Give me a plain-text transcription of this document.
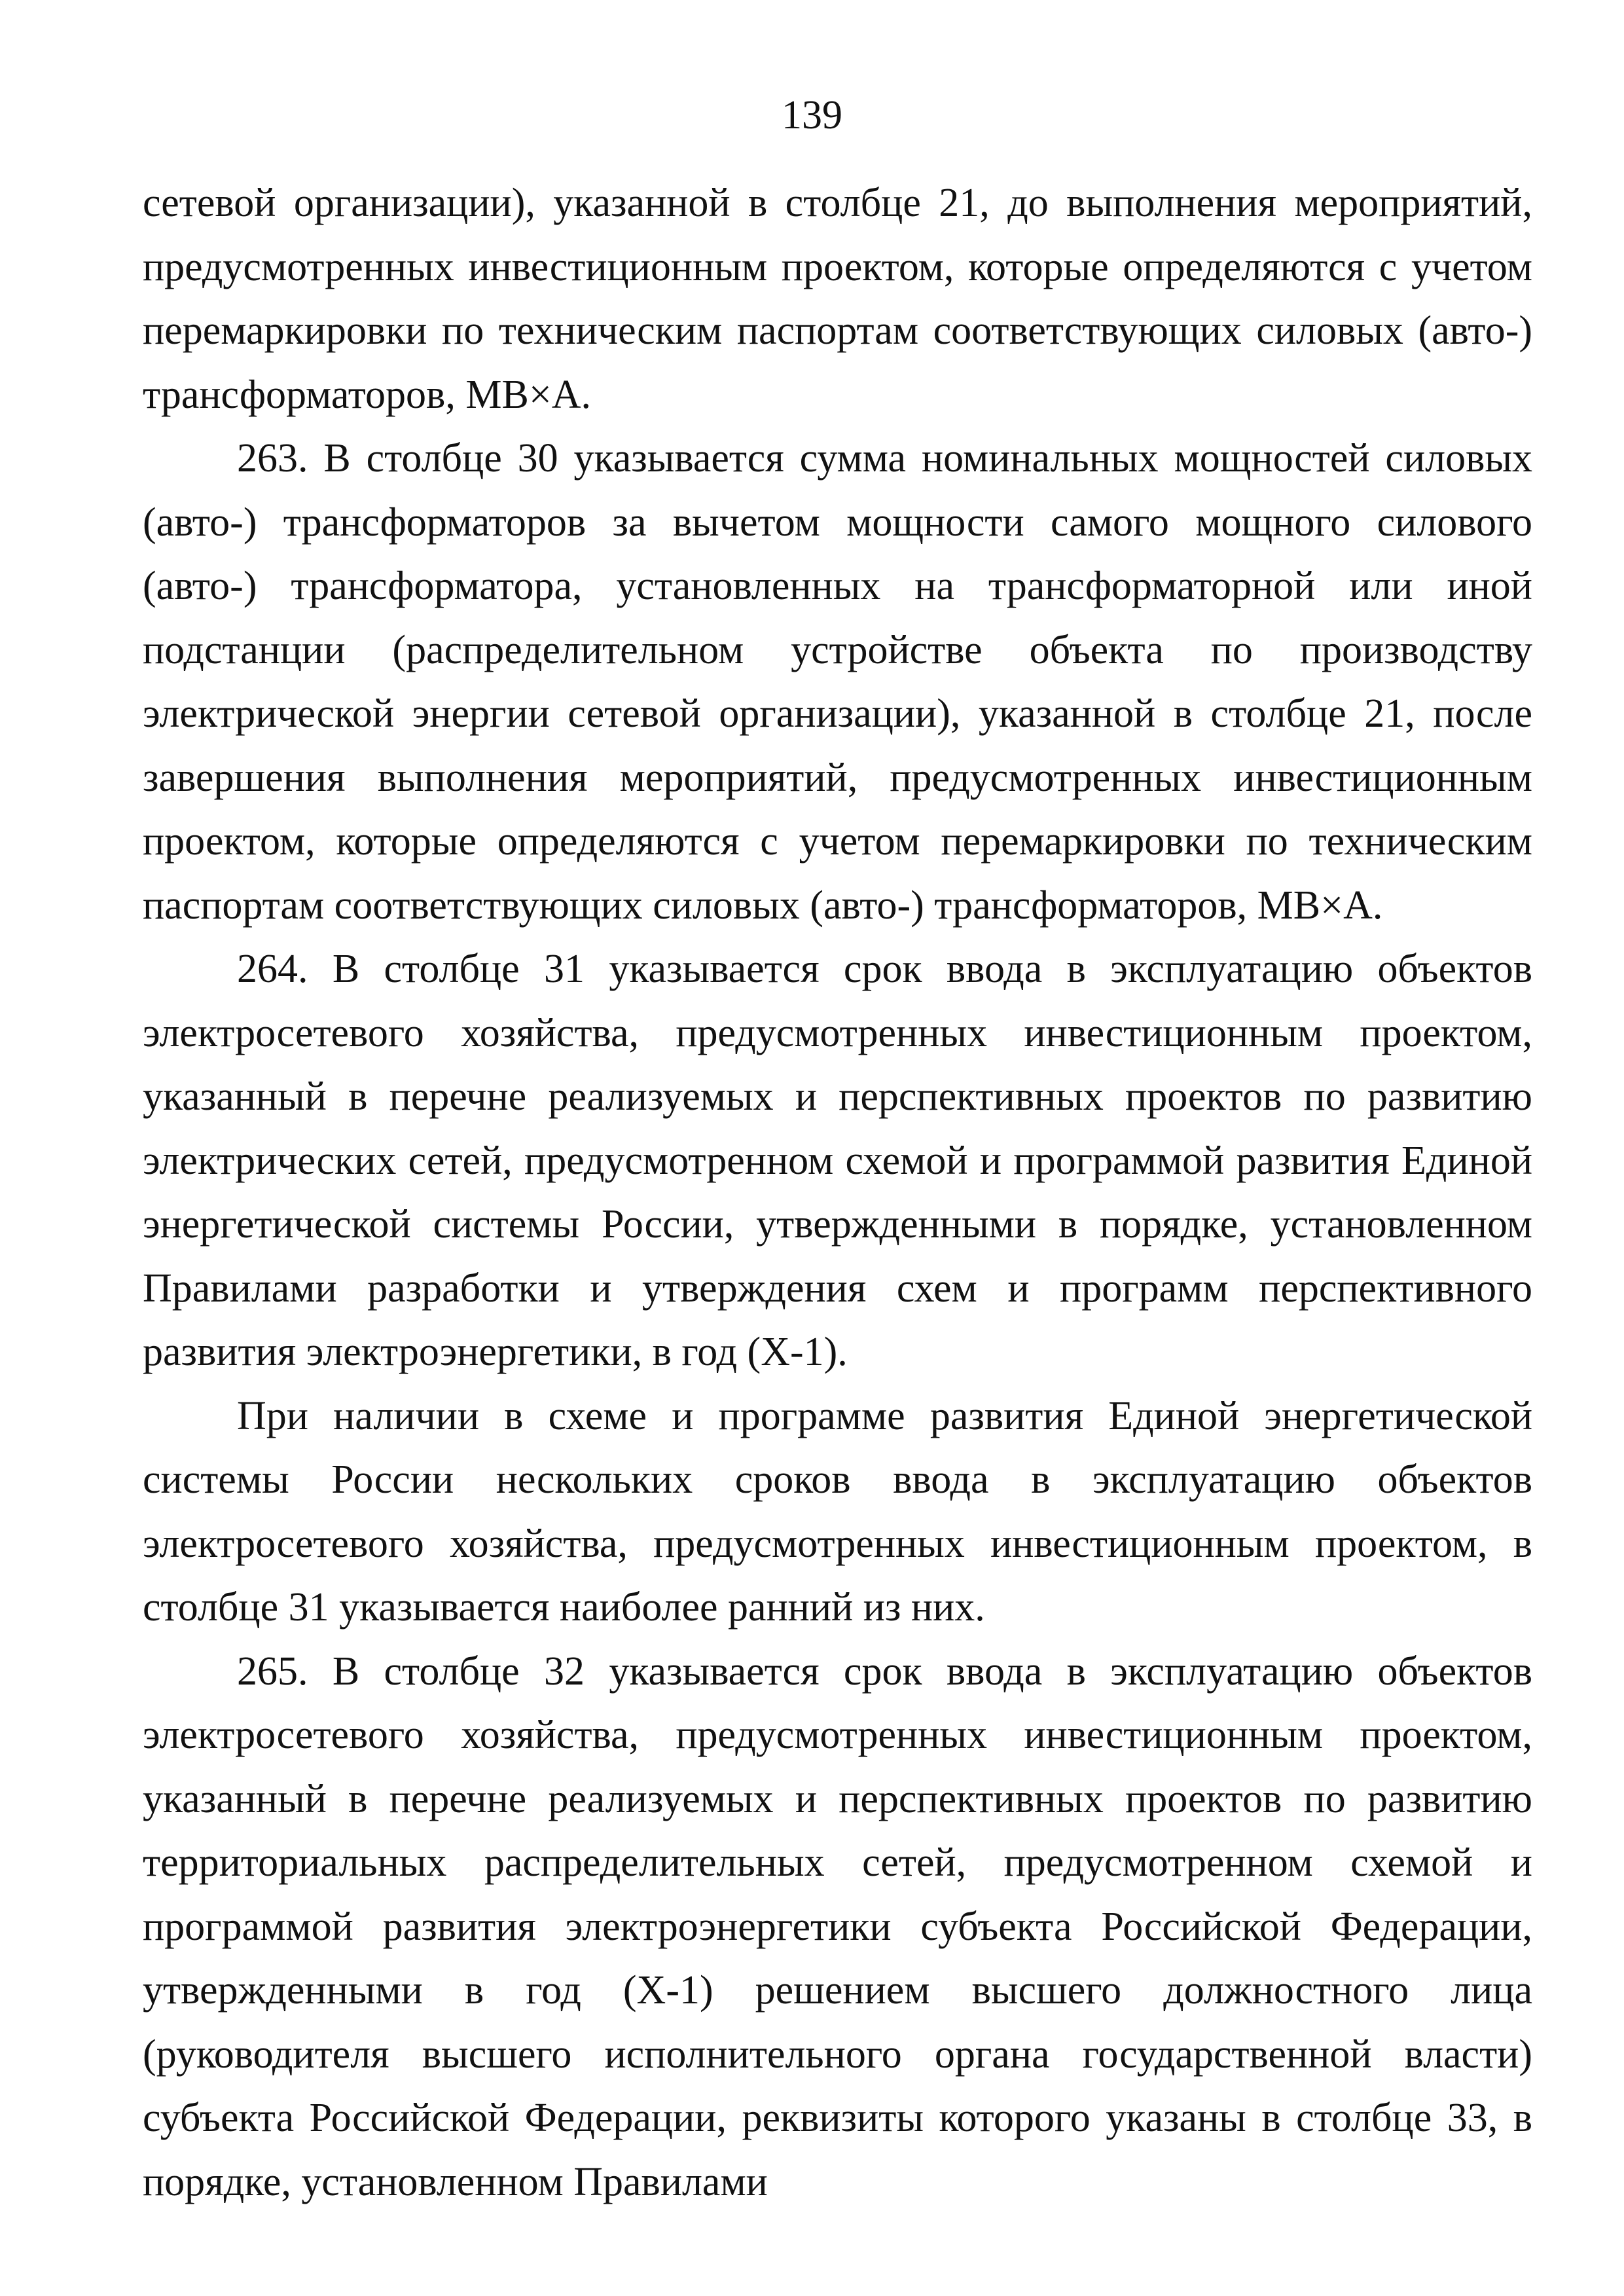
139

сетевой организации), указанной в столбце 21, до выполнения мероприятий, предусмотренных инвестиционным проектом, которые определяются с учетом перемаркировки по техническим паспортам соответствующих силовых (авто-) трансформаторов, МВ×А.

263. В столбце 30 указывается сумма номинальных мощностей силовых (авто-) трансформаторов за вычетом мощности самого мощного силового (авто-) трансформатора, установленных на трансформаторной или иной подстанции (распределительном устройстве объекта по производству электрической энергии сетевой организации), указанной в столбце 21, после завершения выполнения мероприятий, предусмотренных инвестиционным проектом, которые определяются с учетом перемаркировки по техническим паспортам соответствующих силовых (авто-) трансформаторов, МВ×А.

264. В столбце 31 указывается срок ввода в эксплуатацию объектов электросетевого хозяйства, предусмотренных инвестиционным проектом, указанный в перечне реализуемых и перспективных проектов по развитию электрических сетей, предусмотренном схемой и программой развития Единой энергетической системы России, утвержденными в порядке, установленном Правилами разработки и утверждения схем и программ перспективного развития электроэнергетики, в год (Х-1).

При наличии в схеме и программе развития Единой энергетической системы России нескольких сроков ввода в эксплуатацию объектов электросетевого хозяйства, предусмотренных инвестиционным проектом, в столбце 31 указывается наиболее ранний из них.

265. В столбце 32 указывается срок ввода в эксплуатацию объектов электросетевого хозяйства, предусмотренных инвестиционным проектом, указанный в перечне реализуемых и перспективных проектов по развитию территориальных распределительных сетей, предусмотренном схемой и программой развития электроэнергетики субъекта Российской Федерации, утвержденными в год (Х-1) решением высшего должностного лица (руководителя высшего исполнительного органа государственной власти) субъекта Российской Федерации, реквизиты которого указаны в столбце 33, в порядке, установленном Правилами
